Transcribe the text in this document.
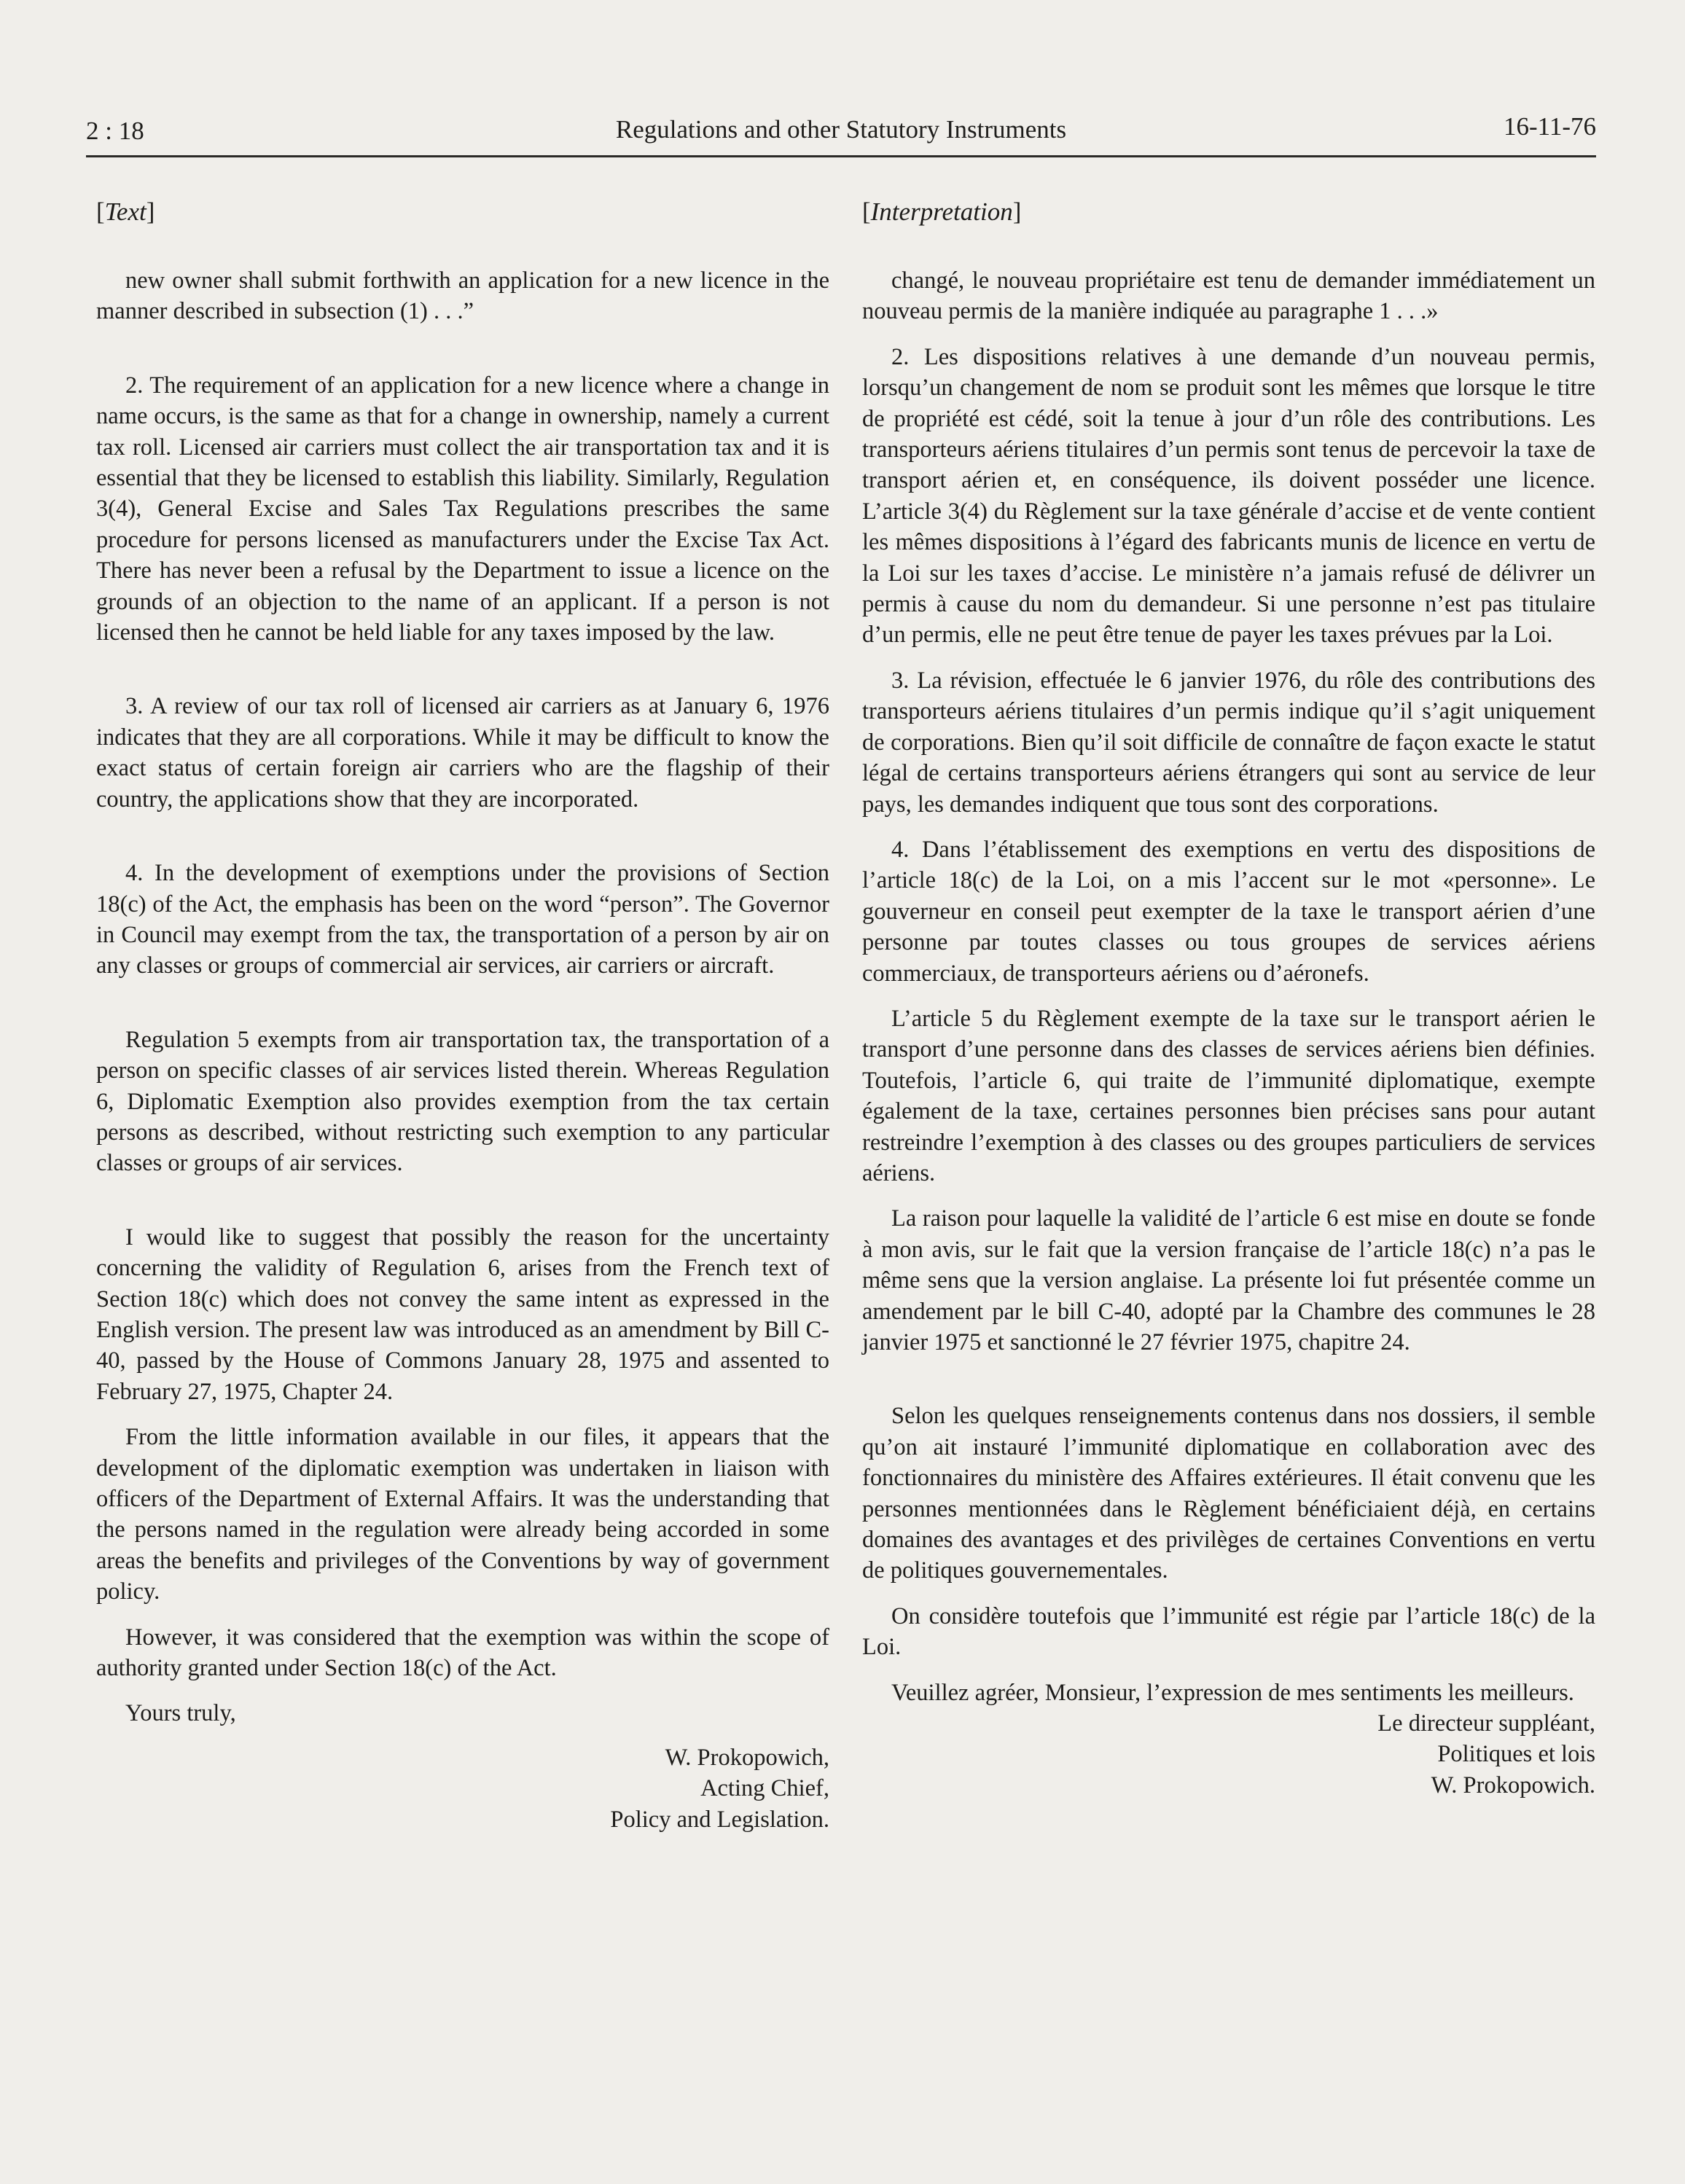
2 : 18	Regulations and other Statutory Instruments	16-11-76
[Text]

new owner shall submit forthwith an application for a new licence in the manner described in subsection (1) . . .”

2. The requirement of an application for a new licence where a change in name occurs, is the same as that for a change in ownership, namely a current tax roll. Licensed air carriers must collect the air transportation tax and it is essential that they be licensed to establish this liability. Similarly, Regulation 3(4), General Excise and Sales Tax Regulations prescribes the same procedure for persons licensed as manufacturers under the Excise Tax Act. There has never been a refusal by the Department to issue a licence on the grounds of an objection to the name of an applicant. If a person is not licensed then he cannot be held liable for any taxes imposed by the law.

3. A review of our tax roll of licensed air carriers as at January 6, 1976 indicates that they are all corporations. While it may be difficult to know the exact status of certain foreign air carriers who are the flagship of their country, the applications show that they are incorporated.

4. In the development of exemptions under the provisions of Section 18(c) of the Act, the emphasis has been on the word “person”. The Governor in Council may exempt from the tax, the transportation of a person by air on any classes or groups of commercial air services, air carriers or aircraft.

Regulation 5 exempts from air transportation tax, the transportation of a person on specific classes of air services listed therein. Whereas Regulation 6, Diplomatic Exemption also provides exemption from the tax certain persons as described, without restricting such exemption to any particular classes or groups of air services.

I would like to suggest that possibly the reason for the uncertainty concerning the validity of Regulation 6, arises from the French text of Section 18(c) which does not convey the same intent as expressed in the English version. The present law was introduced as an amendment by Bill C-40, passed by the House of Commons January 28, 1975 and assented to February 27, 1975, Chapter 24.

From the little information available in our files, it appears that the development of the diplomatic exemption was undertaken in liaison with officers of the Department of External Affairs. It was the understanding that the persons named in the regulation were already being accorded in some areas the benefits and privileges of the Conventions by way of government policy.

However, it was considered that the exemption was within the scope of authority granted under Section 18(c) of the Act.

Yours truly,

W. Prokopowich,
Acting Chief,
Policy and Legislation.

[Interpretation]

changé, le nouveau propriétaire est tenu de demander immédiatement un nouveau permis de la manière indiquée au paragraphe 1 . . .»

2. Les dispositions relatives à une demande d’un nouveau permis, lorsqu’un changement de nom se produit sont les mêmes que lorsque le titre de propriété est cédé, soit la tenue à jour d’un rôle des contributions. Les transporteurs aériens titulaires d’un permis sont tenus de percevoir la taxe de transport aérien et, en conséquence, ils doivent posséder une licence. L’article 3(4) du Règlement sur la taxe générale d’accise et de vente contient les mêmes dispositions à l’égard des fabricants munis de licence en vertu de la Loi sur les taxes d’accise. Le ministère n’a jamais refusé de délivrer un permis à cause du nom du demandeur. Si une personne n’est pas titulaire d’un permis, elle ne peut être tenue de payer les taxes prévues par la Loi.

3. La révision, effectuée le 6 janvier 1976, du rôle des contributions des transporteurs aériens titulaires d’un permis indique qu’il s’agit uniquement de corporations. Bien qu’il soit difficile de connaître de façon exacte le statut légal de certains transporteurs aériens étrangers qui sont au service de leur pays, les demandes indiquent que tous sont des corporations.

4. Dans l’établissement des exemptions en vertu des dispositions de l’article 18(c) de la Loi, on a mis l’accent sur le mot «personne». Le gouverneur en conseil peut exempter de la taxe le transport aérien d’une personne par toutes classes ou tous groupes de services aériens commerciaux, de transporteurs aériens ou d’aéronefs.

L’article 5 du Règlement exempte de la taxe sur le transport aérien le transport d’une personne dans des classes de services aériens bien définies. Toutefois, l’article 6, qui traite de l’immunité diplomatique, exempte également de la taxe, certaines personnes bien précises sans pour autant restreindre l’exemption à des classes ou des groupes particuliers de services aériens.

La raison pour laquelle la validité de l’article 6 est mise en doute se fonde à mon avis, sur le fait que la version française de l’article 18(c) n’a pas le même sens que la version anglaise. La présente loi fut présentée comme un amendement par le bill C-40, adopté par la Chambre des communes le 28 janvier 1975 et sanctionné le 27 février 1975, chapitre 24.

Selon les quelques renseignements contenus dans nos dossiers, il semble qu’on ait instauré l’immunité diplomatique en collaboration avec des fonctionnaires du ministère des Affaires extérieures. Il était convenu que les personnes mentionnées dans le Règlement bénéficiaient déjà, en certains domaines des avantages et des privilèges de certaines Conventions en vertu de politiques gouvernementales.

On considère toutefois que l’immunité est régie par l’article 18(c) de la Loi.

Veuillez agréer, Monsieur, l’expression de mes sentiments les meilleurs.

Le directeur suppléant,
Politiques et lois
W. Prokopowich.
